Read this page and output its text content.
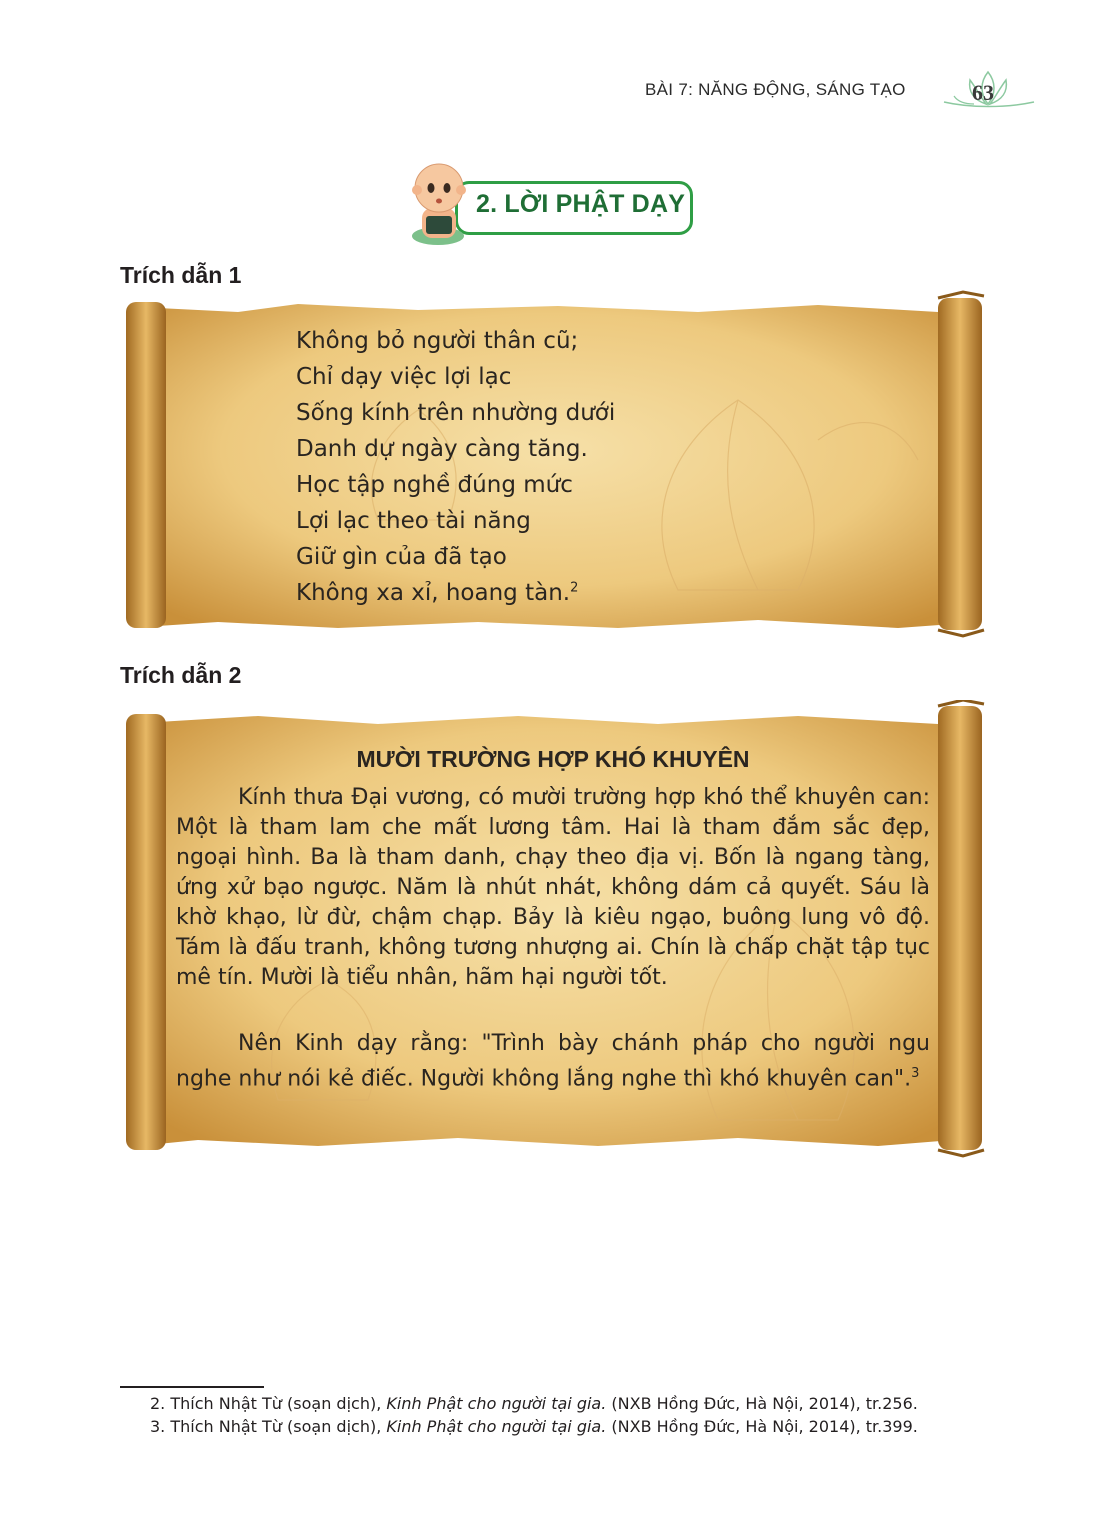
BÀI 7: NĂNG ĐỘNG, SÁNG TẠO	63
2. LỜI PHẬT DẠY
Trích dẫn 1
Không bỏ người thân cũ;
Chỉ dạy việc lợi lạc
Sống kính trên nhường dưới
Danh dự ngày càng tăng.
Học tập nghề đúng mức
Lợi lạc theo tài năng
Giữ gìn của đã tạo
Không xa xỉ, hoang tàn.$^2$
Trích dẫn 2
MƯỜI TRƯỜNG HỢP KHÓ KHUYÊN

Kính thưa Đại vương, có mười trường hợp khó thể khuyên can: Một là tham lam che mất lương tâm. Hai là tham đắm sắc đẹp, ngoại hình. Ba là tham danh, chạy theo địa vị. Bốn là ngang tàng, ứng xử bạo ngược. Năm là nhút nhát, không dám cả quyết. Sáu là khờ khạo, lừ đừ, chậm chạp. Bảy là kiêu ngạo, buông lung vô độ. Tám là đấu tranh, không tương nhượng ai. Chín là chấp chặt tập tục mê tín. Mười là tiểu nhân, hãm hại người tốt.

Nên Kinh dạy rằng: "Trình bày chánh pháp cho người ngu nghe như nói kẻ điếc. Người không lắng nghe thì khó khuyên can".$^3$

2. Thích Nhật Từ (soạn dịch), Kinh Phật cho người tại gia. (NXB Hồng Đức, Hà Nội, 2014), tr.256.
3. Thích Nhật Từ (soạn dịch), Kinh Phật cho người tại gia. (NXB Hồng Đức, Hà Nội, 2014), tr.399.
